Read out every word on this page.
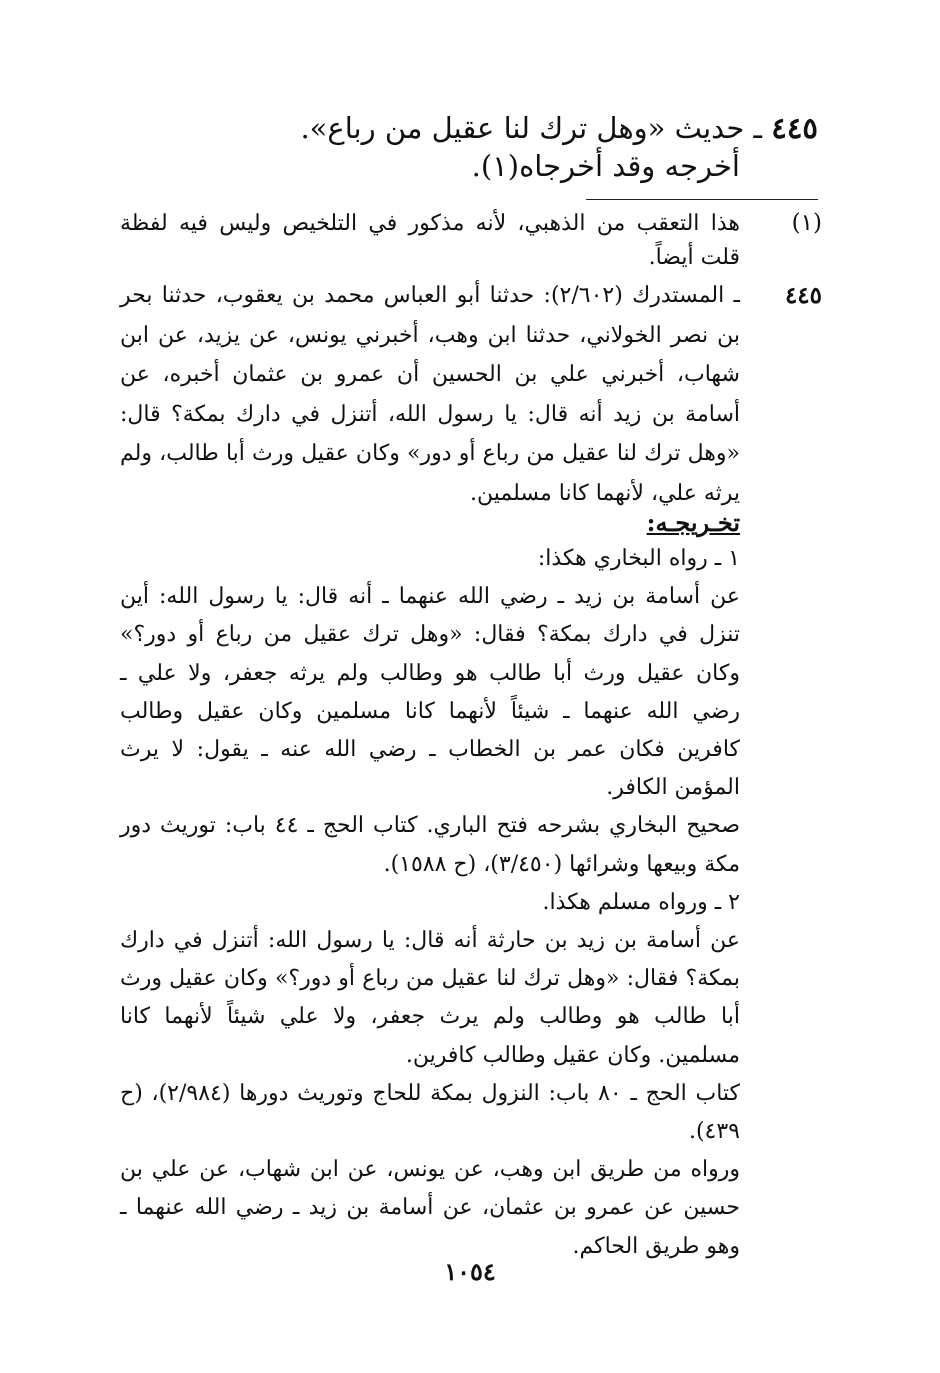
٤٤٥ ـ حديث «وهل ترك لنا عقيل من رباع».
أخرجه وقد أخرجاه(١).
(١)
هذا التعقب من الذهبي، لأنه مذكور في التلخيص وليس فيه لفظة قلت أيضاً.
٤٤٥
ـ المستدرك (٢/٦٠٢): حدثنا أبو العباس محمد بن يعقوب، حدثنا بحر بن نصر الخولاني، حدثنا ابن وهب، أخبرني يونس، عن يزيد، عن ابن شهاب، أخبرني علي بن الحسين أن عمرو بن عثمان أخبره، عن أسامة بن زيد أنه قال: يا رسول الله، أتنزل في دارك بمكة؟ قال: «وهل ترك لنا عقيل من رباع أو دور» وكان عقيل ورث أبا طالب، ولم يرثه علي، لأنهما كانا مسلمين.
تخـريجـه:

١ ـ رواه البخاري هكذا:

عن أسامة بن زيد ـ رضي الله عنهما ـ أنه قال: يا رسول الله: أين تنزل في دارك بمكة؟ فقال: «وهل ترك عقيل من رباع أو دور؟» وكان عقيل ورث أبا طالب هو وطالب ولم يرثه جعفر، ولا علي ـ رضي الله عنهما ـ شيئاً لأنهما كانا مسلمين وكان عقيل وطالب كافرين فكان عمر بن الخطاب ـ رضي الله عنه ـ يقول: لا يرث المؤمن الكافر.

صحيح البخاري بشرحه فتح الباري. كتاب الحج ـ ٤٤ باب: توريث دور مكة وبيعها وشرائها (٣/٤٥٠)، (ح ١٥٨٨).

٢ ـ ورواه مسلم هكذا.

عن أسامة بن زيد بن حارثة أنه قال: يا رسول الله: أتنزل في دارك بمكة؟ فقال: «وهل ترك لنا عقيل من رباع أو دور؟» وكان عقيل ورث أبا طالب هو وطالب ولم يرث جعفر، ولا علي شيئاً لأنهما كانا مسلمين. وكان عقيل وطالب كافرين.

كتاب الحج ـ ٨٠ باب: النزول بمكة للحاج وتوريث دورها (٢/٩٨٤)، (ح ٤٣٩).

ورواه من طريق ابن وهب، عن يونس، عن ابن شهاب، عن علي بن حسين عن عمرو بن عثمان، عن أسامة بن زيد ـ رضي الله عنهما ـ وهو طريق الحاكم.

١٠٥٤
